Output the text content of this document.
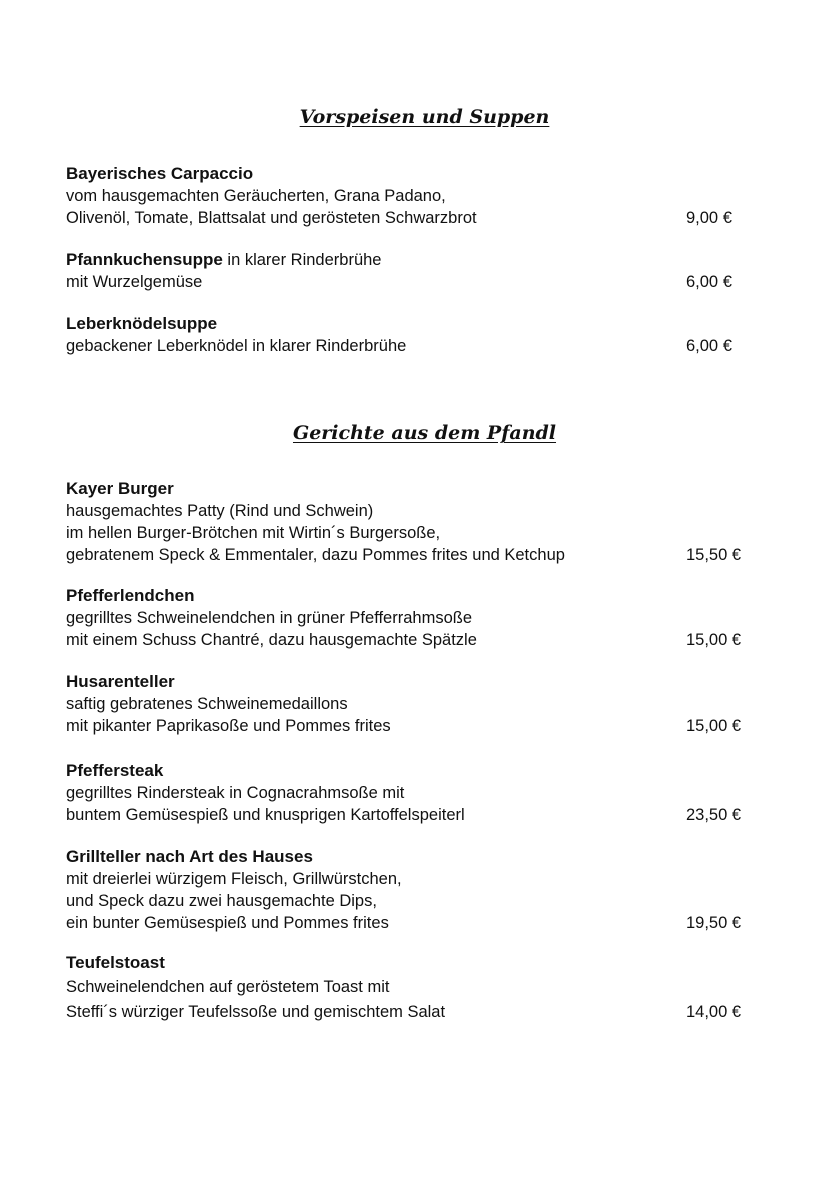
Vorspeisen und Suppen
Bayerisches Carpaccio
vom hausgemachten Geräucherten, Grana Padano,
Olivenöl, Tomate, Blattsalat und gerösteten Schwarzbrot	9,00 €
Pfannkuchensuppe in klarer Rinderbrühe
mit Wurzelgemüse	6,00 €
Leberknödelsuppe
gebackener Leberknödel in klarer Rinderbrühe	6,00 €
Gerichte aus dem Pfandl
Kayer Burger
hausgemachtes Patty (Rind und Schwein)
im hellen Burger-Brötchen mit Wirtin´s Burgersoße,
gebratenem Speck & Emmentaler, dazu Pommes frites und Ketchup	15,50 €
Pfefferlendchen
gegrilltes Schweinelendchen in grüner Pfefferrahmsoße
mit einem Schuss Chantré, dazu hausgemachte Spätzle	15,00 €
Husarenteller
saftig gebratenes Schweinemedaillons
mit pikanter Paprikasoße und Pommes frites	15,00 €
Pfeffersteak
gegrilltes Rindersteak in Cognacrahmsoße mit
buntem Gemüsespieß und knusprigen Kartoffelspeiterl	23,50 €
Grillteller nach Art des Hauses
mit dreierlei würzigem Fleisch, Grillwürstchen,
und Speck dazu zwei hausgemachte Dips,
ein bunter Gemüsespieß und Pommes frites	19,50 €
Teufelstoast
Schweinelendchen auf geröstetem Toast mit
Steffi´s würziger Teufelssoße und gemischtem Salat	14,00 €
